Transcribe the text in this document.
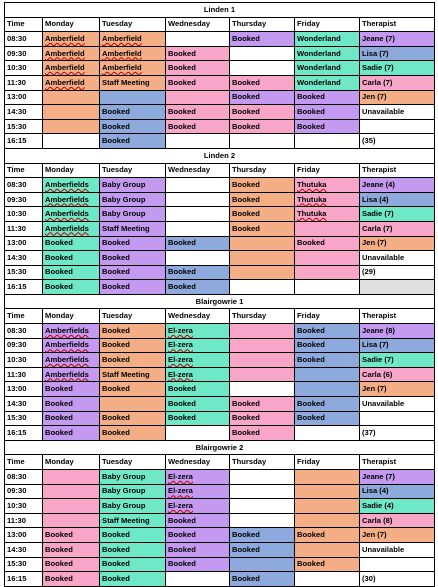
Linden 1						
Time	Monday	Tuesday	Wednesday	Thursday	Friday	Therapist
08:30	Amberfield	Amberfield		Booked	Wonderland	Jeane (7)
09:30	Amberfield	Amberfield	Booked		Wonderland	Lisa (7)
10:30	Amberfield	Amberfield	Booked		Wonderland	Sadie (7)
11:30	Amberfield	Staff Meeting	Booked	Booked	Wonderland	Carla (7)
13:00				Booked	Booked	Jen (7)
14:30		Booked	Booked	Booked	Booked	Unavailable
15:30		Booked	Booked	Booked	Booked	
16:15		Booked				(35)
Linden 2						
Time	Monday	Tuesday	Wednesday	Thursday	Friday	Therapist
08:30	Amberfields	Baby Group		Booked	Thutuka	Jeane (4)
09:30	Amberfields	Baby Group		Booked	Thutuka	Lisa (4)
10:30	Amberfields	Baby Group		Booked	Thutuka	Sadie (7)
11:30	Amberfields	Staff Meeting		Booked		Carla (7)
13:00	Booked	Booked	Booked		Booked	Jen (7)
14:30	Booked	Booked				Unavailable
15:30	Booked	Booked	Booked			(29)
16:15	Booked	Booked	Booked			
Blairgowrie 1						
Time	Monday	Tuesday	Wednesday	Thursday	Friday	Therapist
08:30	Amberfields	Booked	El-zera		Booked	Jeane (8)
09:30	Amberfields	Booked	El-zera		Booked	Lisa (7)
10:30	Amberfields	Booked	El-zera		Booked	Sadie (7)
11:30	Amberfields	Staff Meeting	El-zera			Carla (6)
13:00	Booked	Booked	Booked			Jen (7)
14:30	Booked		Booked	Booked	Booked	Unavailable
15:30	Booked	Booked	Booked	Booked	Booked	
16:15	Booked	Booked		Booked		(37)
Blairgowrie 2						
Time	Monday	Tuesday	Wednesday	Thursday	Friday	Therapist
08:30		Baby Group	El-zera			Jeane (7)
09:30		Baby Group	El-zera			Lisa (4)
10:30		Baby Group	El-zera			Sadie (4)
11:30		Staff Meeting	Booked			Carla (8)
13:00	Booked	Booked	Booked	Booked	Booked	Jen (7)
14:30	Booked	Booked	Booked	Booked		Unavailable
15:30	Booked	Booked	Booked		Booked	
16:15	Booked	Booked		Booked		(30)
